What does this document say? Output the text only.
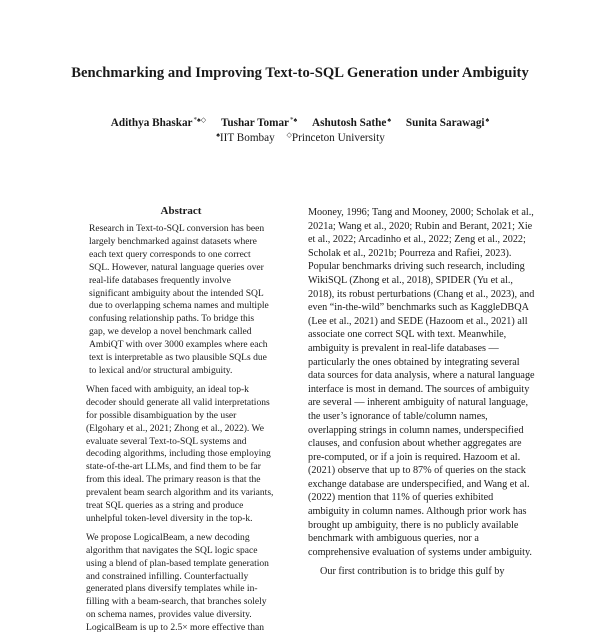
Benchmarking and Improving Text-to-SQL Generation under Ambiguity
Adithya Bhaskar*♠◇ Tushar Tomar*♠ Ashutosh Sathe♠ Sunita Sarawagi♠
♠IIT Bombay ◇Princeton University
Abstract

Research in Text-to-SQL conversion has been largely benchmarked against datasets where each text query corresponds to one correct SQL. However, natural language queries over real-life databases frequently involve significant ambiguity about the intended SQL due to overlapping schema names and multiple confusing relationship paths. To bridge this gap, we develop a novel benchmark called AmbiQT with over 3000 examples where each text is interpretable as two plausible SQLs due to lexical and/or structural ambiguity.

When faced with ambiguity, an ideal top-k decoder should generate all valid interpretations for possible disambiguation by the user (Elgohary et al., 2021; Zhong et al., 2022). We evaluate several Text-to-SQL systems and decoding algorithms, including those employing state-of-the-art LLMs, and find them to be far from this ideal. The primary reason is that the prevalent beam search algorithm and its variants, treat SQL queries as a string and produce unhelpful token-level diversity in the top-k.

We propose LogicalBeam, a new decoding algorithm that navigates the SQL logic space using a blend of plan-based template generation and constrained infilling. Counterfactually generated plans diversify templates while in-filling with a beam-search, that branches solely on schema names, provides value diversity. LogicalBeam is up to 2.5× more effective than

Mooney, 1996; Tang and Mooney, 2000; Scholak et al., 2021a; Wang et al., 2020; Rubin and Berant, 2021; Xie et al., 2022; Arcadinho et al., 2022; Zeng et al., 2022; Scholak et al., 2021b; Pourreza and Rafiei, 2023). Popular benchmarks driving such research, including WikiSQL (Zhong et al., 2018), SPIDER (Yu et al., 2018), its robust perturbations (Chang et al., 2023), and even “in-the-wild” benchmarks such as KaggleDBQA (Lee et al., 2021) and SEDE (Hazoom et al., 2021) all associate one correct SQL with text. Meanwhile, ambiguity is prevalent in real-life databases — particularly the ones obtained by integrating several data sources for data analysis, where a natural language interface is most in demand. The sources of ambiguity are several — inherent ambiguity of natural language, the user’s ignorance of table/column names, overlapping strings in column names, underspecified clauses, and confusion about whether aggregates are pre-computed, or if a join is required. Hazoom et al. (2021) observe that up to 87% of queries on the stack exchange database are underspecified, and Wang et al. (2022) mention that 11% of queries exhibited ambiguity in column names. Although prior work has brought up ambiguity, there is no publicly available benchmark with ambiguous queries, nor a comprehensive evaluation of systems under ambiguity.

Our first contribution is to bridge this gulf by
